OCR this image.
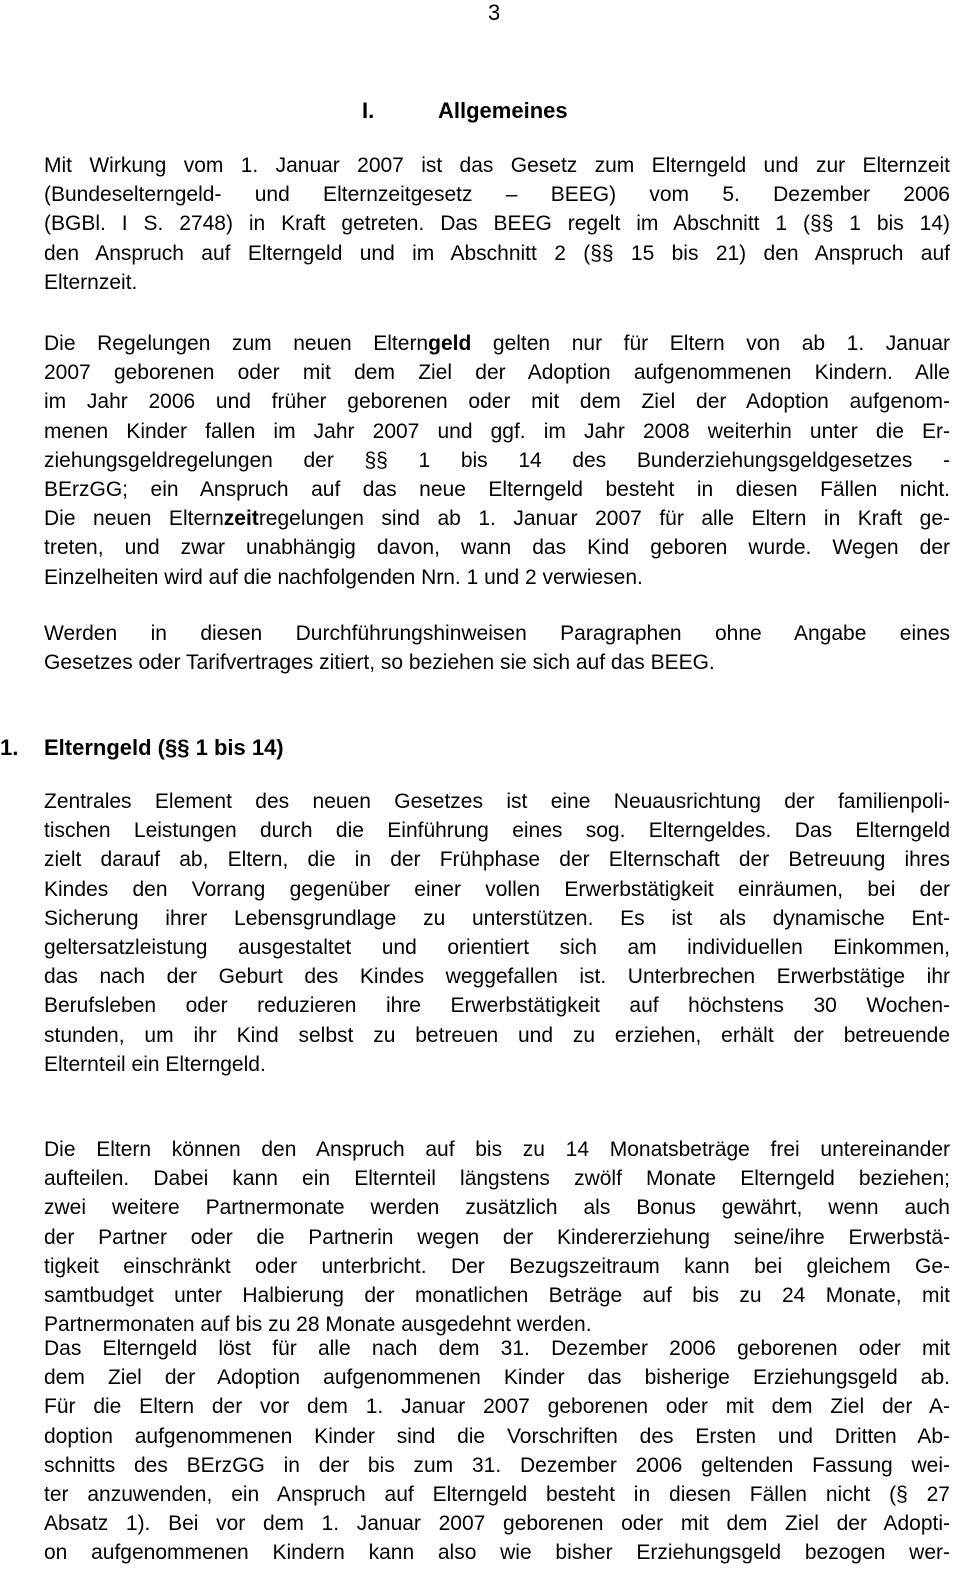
3
I.	Allgemeines
Mit Wirkung vom 1. Januar 2007 ist das Gesetz zum Elterngeld und zur Elternzeit
(Bundeselterngeld- und Elternzeitgesetz – BEEG) vom 5. Dezember 2006
(BGBl. I S. 2748) in Kraft getreten. Das BEEG regelt im Abschnitt 1 (§§ 1 bis 14)
den Anspruch auf Elterngeld und im Abschnitt 2 (§§ 15 bis 21) den Anspruch auf
Elternzeit.
Die Regelungen zum neuen Elterngeld gelten nur für Eltern von ab 1. Januar
2007 geborenen oder mit dem Ziel der Adoption aufgenommenen Kindern. Alle
im Jahr 2006 und früher geborenen oder mit dem Ziel der Adoption aufgenom-
menen Kinder fallen im Jahr 2007 und ggf. im Jahr 2008 weiterhin unter die Er-
ziehungsgeldregelungen der §§ 1 bis 14 des Bunderziehungsgeldgesetzes -
BErzGG; ein Anspruch auf das neue Elterngeld besteht in diesen Fällen nicht.
Die neuen Elternzeitregelungen sind ab 1. Januar 2007 für alle Eltern in Kraft ge-
treten, und zwar unabhängig davon, wann das Kind geboren wurde. Wegen der
Einzelheiten wird auf die nachfolgenden Nrn. 1 und 2 verwiesen.
Werden in diesen Durchführungshinweisen Paragraphen ohne Angabe eines
Gesetzes oder Tarifvertrages zitiert, so beziehen sie sich auf das BEEG.
1. Elterngeld (§§ 1 bis 14)
Zentrales Element des neuen Gesetzes ist eine Neuausrichtung der familienpoli-
tischen Leistungen durch die Einführung eines sog. Elterngeldes. Das Elterngeld
zielt darauf ab, Eltern, die in der Frühphase der Elternschaft der Betreuung ihres
Kindes den Vorrang gegenüber einer vollen Erwerbstätigkeit einräumen, bei der
Sicherung ihrer Lebensgrundlage zu unterstützen. Es ist als dynamische Ent-
geltersatzleistung ausgestaltet und orientiert sich am individuellen Einkommen,
das nach der Geburt des Kindes weggefallen ist. Unterbrechen Erwerbstätige ihr
Berufsleben oder reduzieren ihre Erwerbstätigkeit auf höchstens 30 Wochen-
stunden, um ihr Kind selbst zu betreuen und zu erziehen, erhält der betreuende
Elternteil ein Elterngeld.
Die Eltern können den Anspruch auf bis zu 14 Monatsbeträge frei untereinander
aufteilen. Dabei kann ein Elternteil längstens zwölf Monate Elterngeld beziehen;
zwei weitere Partnermonate werden zusätzlich als Bonus gewährt, wenn auch
der Partner oder die Partnerin wegen der Kindererziehung seine/ihre Erwerbstä-
tigkeit einschränkt oder unterbricht. Der Bezugszeitraum kann bei gleichem Ge-
samtbudget unter Halbierung der monatlichen Beträge auf bis zu 24 Monate, mit
Partnermonaten auf bis zu 28 Monate ausgedehnt werden.
Das Elterngeld löst für alle nach dem 31. Dezember 2006 geborenen oder mit
dem Ziel der Adoption aufgenommenen Kinder das bisherige Erziehungsgeld ab.
Für die Eltern der vor dem 1. Januar 2007 geborenen oder mit dem Ziel der A-
doption aufgenommenen Kinder sind die Vorschriften des Ersten und Dritten Ab-
schnitts des BErzGG in der bis zum 31. Dezember 2006 geltenden Fassung wei-
ter anzuwenden, ein Anspruch auf Elterngeld besteht in diesen Fällen nicht (§ 27
Absatz 1). Bei vor dem 1. Januar 2007 geborenen oder mit dem Ziel der Adopti-
on aufgenommenen Kindern kann also wie bisher Erziehungsgeld bezogen wer-
